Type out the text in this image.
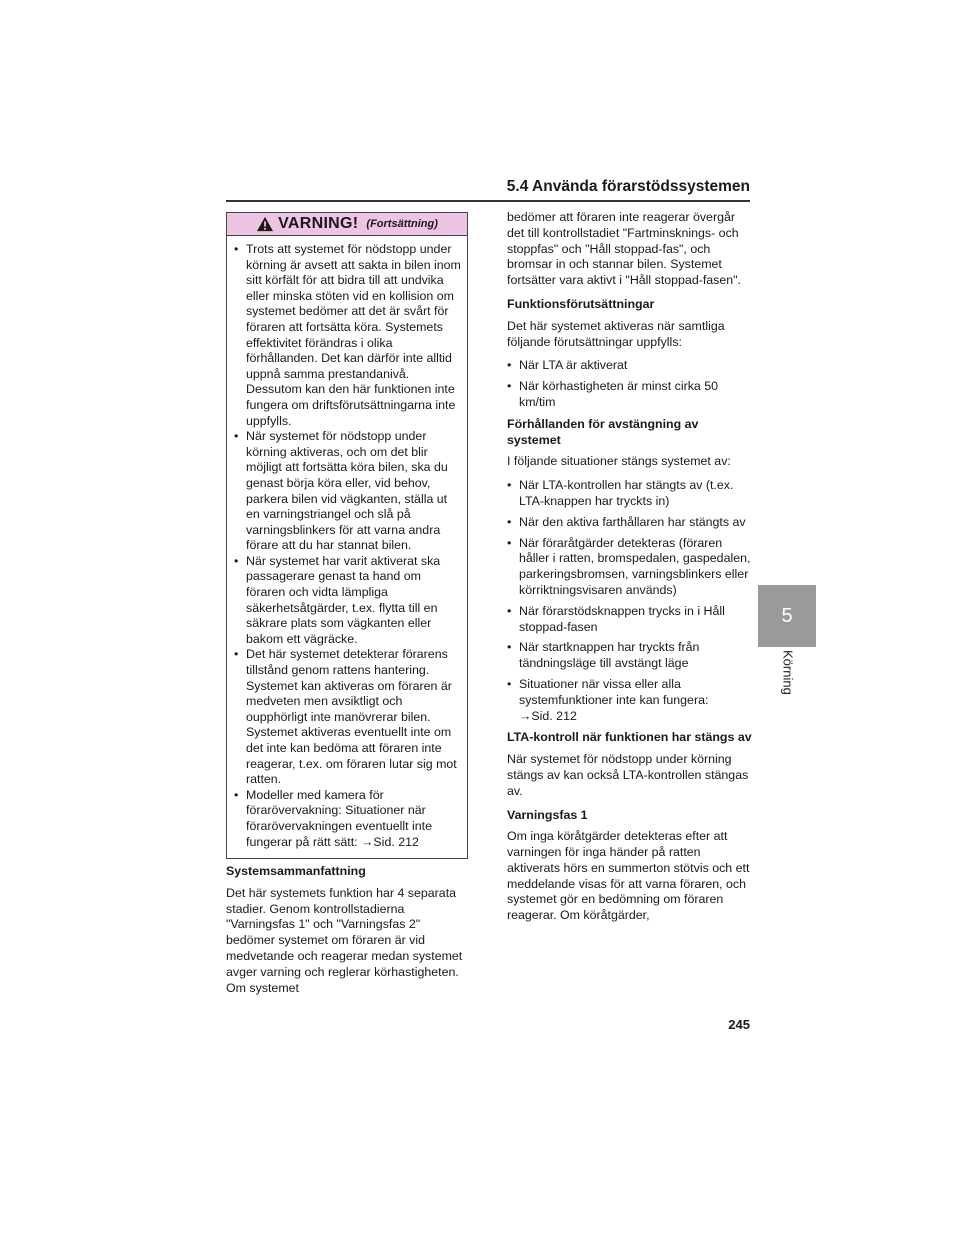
5.4 Använda förarstödssystemen
VARNING! (Fortsättning)
• Trots att systemet för nödstopp under körning är avsett att sakta in bilen inom sitt körfält för att bidra till att undvika eller minska stöten vid en kollision om systemet bedömer att det är svårt för föraren att fortsätta köra. Systemets effektivitet förändras i olika förhållanden. Det kan därför inte alltid uppnå samma prestandanivå. Dessutom kan den här funktionen inte fungera om driftsförutsättningarna inte uppfylls.
• När systemet för nödstopp under körning aktiveras, och om det blir möjligt att fortsätta köra bilen, ska du genast börja köra eller, vid behov, parkera bilen vid vägkanten, ställa ut en varningstriangel och slå på varningsblinkers för att varna andra förare att du har stannat bilen.
• När systemet har varit aktiverat ska passagerare genast ta hand om föraren och vidta lämpliga säkerhetsåtgärder, t.ex. flytta till en säkrare plats som vägkanten eller bakom ett vägräcke.
• Det här systemet detekterar förarens tillstånd genom rattens hantering. Systemet kan aktiveras om föraren är medveten men avsiktligt och oupphörligt inte manövrerar bilen. Systemet aktiveras eventuellt inte om det inte kan bedöma att föraren inte reagerar, t.ex. om föraren lutar sig mot ratten.
• Modeller med kamera för förarövervakning: Situationer när förarövervakningen eventuellt inte fungerar på rätt sätt: →Sid. 212

Systemsammanfattning

Det här systemets funktion har 4 separata stadier. Genom kontrollstadierna "Varningsfas 1" och "Varningsfas 2" bedömer systemet om föraren är vid medvetande och reagerar medan systemet avger varning och reglerar körhastigheten. Om systemet

bedömer att föraren inte reagerar övergår det till kontrollstadiet "Fartminsknings- och stoppfas" och "Håll stoppad-fas", och bromsar in och stannar bilen. Systemet fortsätter vara aktivt i "Håll stoppad-fasen".

Funktionsförutsättningar

Det här systemet aktiveras när samtliga följande förutsättningar uppfylls:

• När LTA är aktiverat
• När körhastigheten är minst cirka 50 km/tim

Förhållanden för avstängning av systemet

I följande situationer stängs systemet av:

• När LTA-kontrollen har stängts av (t.ex. LTA-knappen har tryckts in)
• När den aktiva farthållaren har stängts av
• När föraråtgärder detekteras (föraren håller i ratten, bromspedalen, gaspedalen, parkeringsbromsen, varningsblinkers eller körriktningsvisaren används)
• När förarstödsknappen trycks in i Håll stoppad-fasen
• När startknappen har tryckts från tändningsläge till avstängt läge
• Situationer när vissa eller alla systemfunktioner inte kan fungera: →Sid. 212

LTA-kontroll när funktionen har stängs av

När systemet för nödstopp under körning stängs av kan också LTA-kontrollen stängas av.

Varningsfas 1

Om inga köråtgärder detekteras efter att varningen för inga händer på ratten aktiverats hörs en summerton stötvis och ett meddelande visas för att varna föraren, och systemet gör en bedömning om föraren reagerar. Om köråtgärder,

5
Körning
245
